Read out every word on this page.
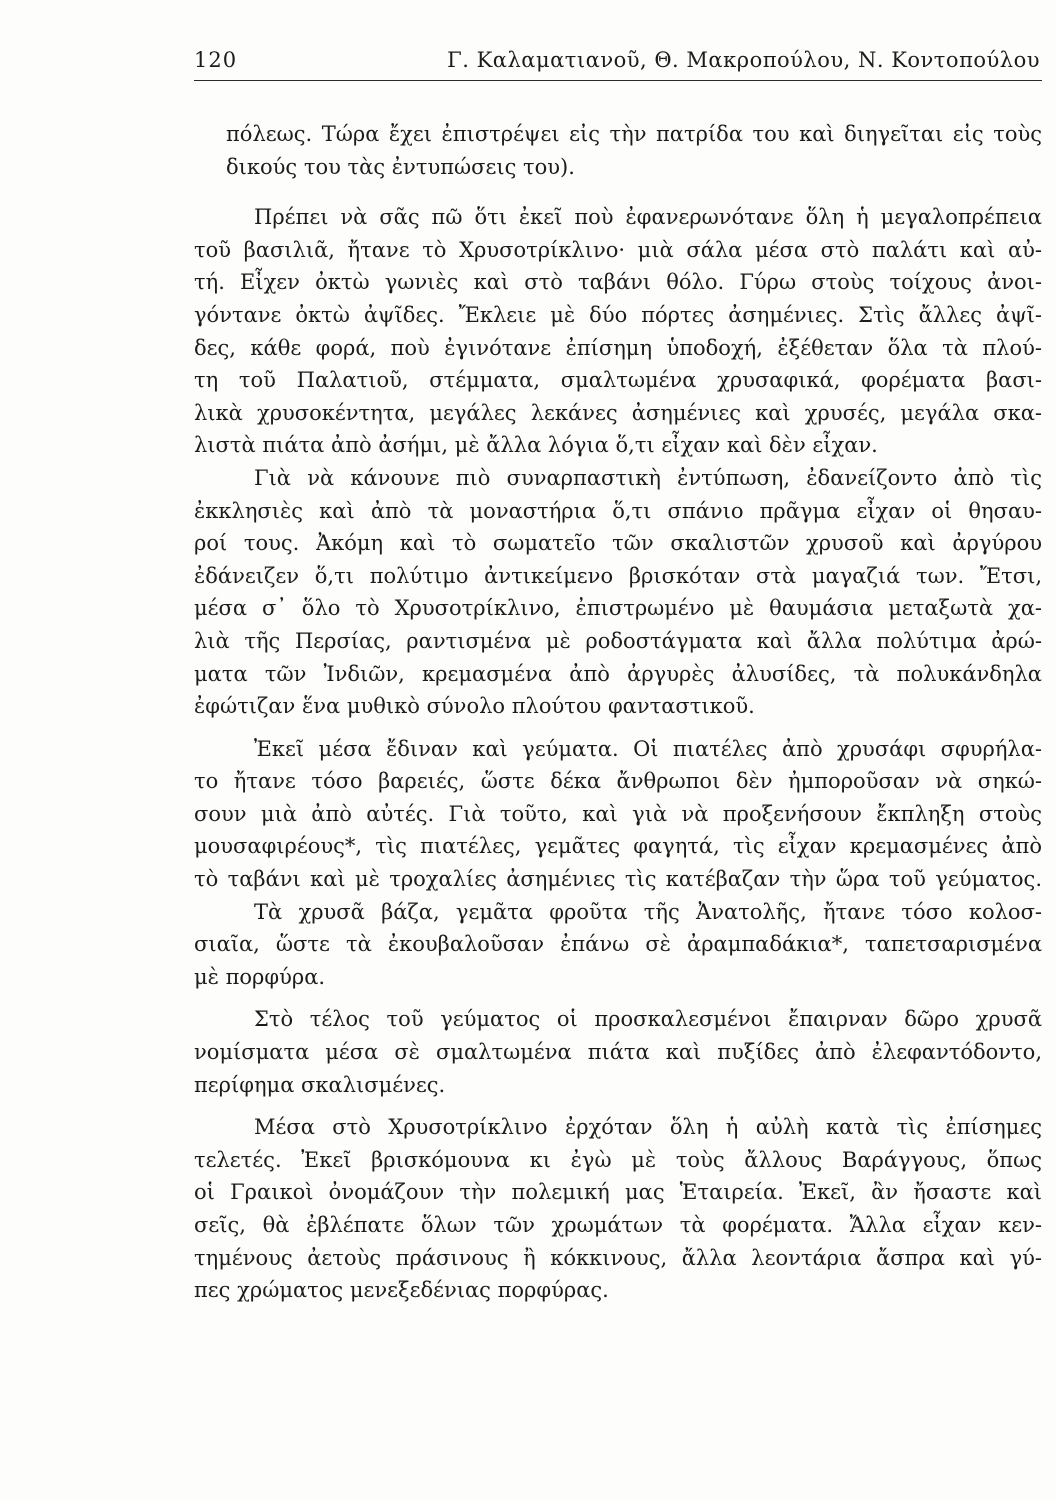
120	Γ. Καλαματιανοῦ, Θ. Μακροπούλου, Ν. Κοντοπούλου
πόλεως. Τώρα ἔχει ἐπιστρέψει εἰς τὴν πατρίδα του καὶ διηγεῖται εἰς τοὺς
δικούς του τὰς ἐντυπώσεις του).
Πρέπει νὰ σᾶς πῶ ὅτι ἐκεῖ ποὺ ἐφανερωνότανε ὅλη ἡ μεγαλοπρέπεια
τοῦ βασιλιᾶ, ἤτανε τὸ Χρυσοτρίκλινο· μιὰ σάλα μέσα στὸ παλάτι καὶ αὐ-
τή. Εἶχεν ὀκτὼ γωνιὲς καὶ στὸ ταβάνι θόλο. Γύρω στοὺς τοίχους ἀνοι-
γόντανε ὀκτὼ ἀψῖδες. Ἔκλειε μὲ δύο πόρτες ἀσημένιες. Στὶς ἄλλες ἀψῖ-
δες, κάθε φορά, ποὺ ἐγινότανε ἐπίσημη ὑποδοχή, ἐξέθεταν ὅλα τὰ πλού-
τη τοῦ Παλατιοῦ, στέμματα, σμαλτωμένα χρυσαφικά, φορέματα βασι-
λικὰ χρυσοκέντητα, μεγάλες λεκάνες ἀσημένιες καὶ χρυσές, μεγάλα σκα-
λιστὰ πιάτα ἀπὸ ἀσήμι, μὲ ἄλλα λόγια ὅ,τι εἶχαν καὶ δὲν εἶχαν.
Γιὰ νὰ κάνουνε πιὸ συναρπαστικὴ ἐντύπωση, ἐδανείζοντο ἀπὸ τὶς
ἐκκλησιὲς καὶ ἀπὸ τὰ μοναστήρια ὅ,τι σπάνιο πρᾶγμα εἶχαν οἱ θησαυ-
ροί τους. Ἀκόμη καὶ τὸ σωματεῖο τῶν σκαλιστῶν χρυσοῦ καὶ ἀργύρου
ἐδάνειζεν ὅ,τι πολύτιμο ἀντικείμενο βρισκόταν στὰ μαγαζιά των. Ἔτσι,
μέσα σ᾿ ὅλο τὸ Χρυσοτρίκλινο, ἐπιστρωμένο μὲ θαυμάσια μεταξωτὰ χα-
λιὰ τῆς Περσίας, ραντισμένα μὲ ροδοστάγματα καὶ ἄλλα πολύτιμα ἀρώ-
ματα τῶν Ἰνδιῶν, κρεμασμένα ἀπὸ ἀργυρὲς ἀλυσίδες, τὰ πολυκάνδηλα
ἐφώτιζαν ἕνα μυθικὸ σύνολο πλούτου φανταστικοῦ.
Ἐκεῖ μέσα ἔδιναν καὶ γεύματα. Οἱ πιατέλες ἀπὸ χρυσάφι σφυρήλα-
το ἤτανε τόσο βαρειές, ὥστε δέκα ἄνθρωποι δὲν ἠμποροῦσαν νὰ σηκώ-
σουν μιὰ ἀπὸ αὐτές. Γιὰ τοῦτο, καὶ γιὰ νὰ προξενήσουν ἔκπληξη στοὺς
μουσαφιρέους*, τὶς πιατέλες, γεμᾶτες φαγητά, τὶς εἶχαν κρεμασμένες ἀπὸ
τὸ ταβάνι καὶ μὲ τροχαλίες ἀσημένιες τὶς κατέβαζαν τὴν ὥρα τοῦ γεύματος.
Τὰ χρυσᾶ βάζα, γεμᾶτα φροῦτα τῆς Ἀνατολῆς, ἤτανε τόσο κολοσ-
σιαῖα, ὥστε τὰ ἐκουβαλοῦσαν ἐπάνω σὲ ἀραμπαδάκια*, ταπετσαρισμένα
μὲ πορφύρα.
Στὸ τέλος τοῦ γεύματος οἱ προσκαλεσμένοι ἔπαιρναν δῶρο χρυσᾶ
νομίσματα μέσα σὲ σμαλτωμένα πιάτα καὶ πυξίδες ἀπὸ ἐλεφαντόδοντο,
περίφημα σκαλισμένες.
Μέσα στὸ Χρυσοτρίκλινο ἐρχόταν ὅλη ἡ αὐλὴ κατὰ τὶς ἐπίσημες
τελετές. Ἐκεῖ βρισκόμουνα κι ἐγὼ μὲ τοὺς ἄλλους Βαράγγους, ὅπως
οἱ Γραικοὶ ὀνομάζουν τὴν πολεμική μας Ἑταιρεία. Ἐκεῖ, ἂν ἤσαστε καὶ
σεῖς, θὰ ἐβλέπατε ὅλων τῶν χρωμάτων τὰ φορέματα. Ἄλλα εἶχαν κεν-
τημένους ἀετοὺς πράσινους ἢ κόκκινους, ἄλλα λεοντάρια ἄσπρα καὶ γύ-
πες χρώματος μενεξεδένιας πορφύρας.
